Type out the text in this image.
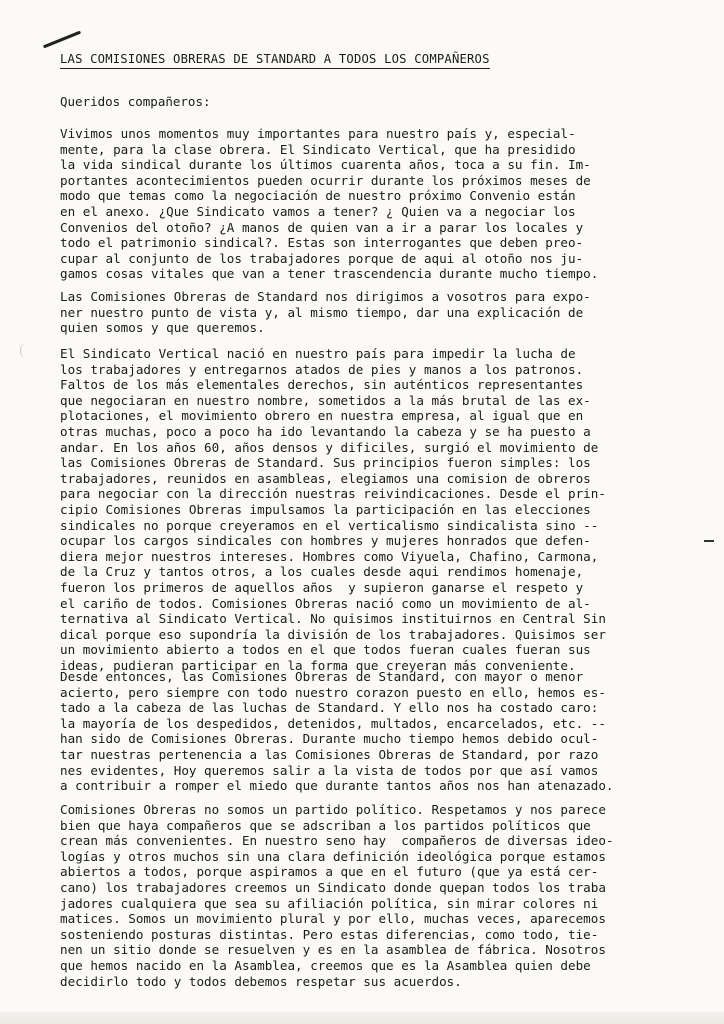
LAS COMISIONES OBRERAS DE STANDARD A TODOS LOS COMPAÑEROS
Queridos compañeros:
Vivimos unos momentos muy importantes para nuestro país y, especial-
mente, para la clase obrera. El Sindicato Vertical, que ha presidido
la vida sindical durante los últimos cuarenta años, toca a su fin. Im-
portantes acontecimientos pueden ocurrir durante los próximos meses de
modo que temas como la negociación de nuestro próximo Convenio están
en el anexo. ¿Que Sindicato vamos a tener? ¿ Quien va a negociar los
Convenios del otoño? ¿A manos de quien van a ir a parar los locales y
todo el patrimonio sindical?. Estas son interrogantes que deben preo-
cupar al conjunto de los trabajadores porque de aqui al otoño nos ju-
gamos cosas vitales que van a tener trascendencia durante mucho tiempo.
Las Comisiones Obreras de Standard nos dirigimos a vosotros para expo-
ner nuestro punto de vista y, al mismo tiempo, dar una explicación de
quien somos y que queremos.
El Sindicato Vertical nació en nuestro país para impedir la lucha de
los trabajadores y entregarnos atados de pies y manos a los patronos.
Faltos de los más elementales derechos, sin auténticos representantes
que negociaran en nuestro nombre, sometidos a la más brutal de las ex-
plotaciones, el movimiento obrero en nuestra empresa, al igual que en
otras muchas, poco a poco ha ido levantando la cabeza y se ha puesto a
andar. En los años 60, años densos y dificiles, surgió el movimiento de
las Comisiones Obreras de Standard. Sus principios fueron simples: los
trabajadores, reunidos en asambleas, elegiamos una comision de obreros
para negociar con la dirección nuestras reivindicaciones. Desde el prin-
cipio Comisiones Obreras impulsamos la participación en las elecciones
sindicales no porque creyeramos en el verticalismo sindicalista sino --
ocupar los cargos sindicales con hombres y mujeres honrados que defen-
diera mejor nuestros intereses. Hombres como Viyuela, Chafino, Carmona,
de la Cruz y tantos otros, a los cuales desde aqui rendimos homenaje,
fueron los primeros de aquellos años  y supieron ganarse el respeto y
el cariño de todos. Comisiones Obreras nació como un movimiento de al-
ternativa al Sindicato Vertical. No quisimos instituirnos en Central Sin
dical porque eso supondría la división de los trabajadores. Quisimos ser
un movimiento abierto a todos en el que todos fueran cuales fueran sus
ideas, pudieran participar en la forma que creyeran más conveniente.
Desde entonces, las Comisiones Obreras de Standard, con mayor o menor
acierto, pero siempre con todo nuestro corazon puesto en ello, hemos es-
tado a la cabeza de las luchas de Standard. Y ello nos ha costado caro:
la mayoría de los despedidos, detenidos, multados, encarcelados, etc. --
han sido de Comisiones Obreras. Durante mucho tiempo hemos debido ocul-
tar nuestras pertenencia a las Comisiones Obreras de Standard, por razo
nes evidentes, Hoy queremos salir a la vista de todos por que así vamos
a contribuir a romper el miedo que durante tantos años nos han atenazado.
Comisiones Obreras no somos un partido político. Respetamos y nos parece
bien que haya compañeros que se adscriban a los partidos políticos que
crean más convenientes. En nuestro seno hay  compañeros de diversas ideo-
logías y otros muchos sin una clara definición ideológica porque estamos
abiertos a todos, porque aspiramos a que en el futuro (que ya está cer-
cano) los trabajadores creemos un Sindicato donde quepan todos los traba
jadores cualquiera que sea su afiliación política, sin mirar colores ni
matices. Somos un movimiento plural y por ello, muchas veces, aparecemos
sosteniendo posturas distintas. Pero estas diferencias, como todo, tie-
nen un sitio donde se resuelven y es en la asamblea de fábrica. Nosotros
que hemos nacido en la Asamblea, creemos que es la Asamblea quien debe
decidirlo todo y todos debemos respetar sus acuerdos.
